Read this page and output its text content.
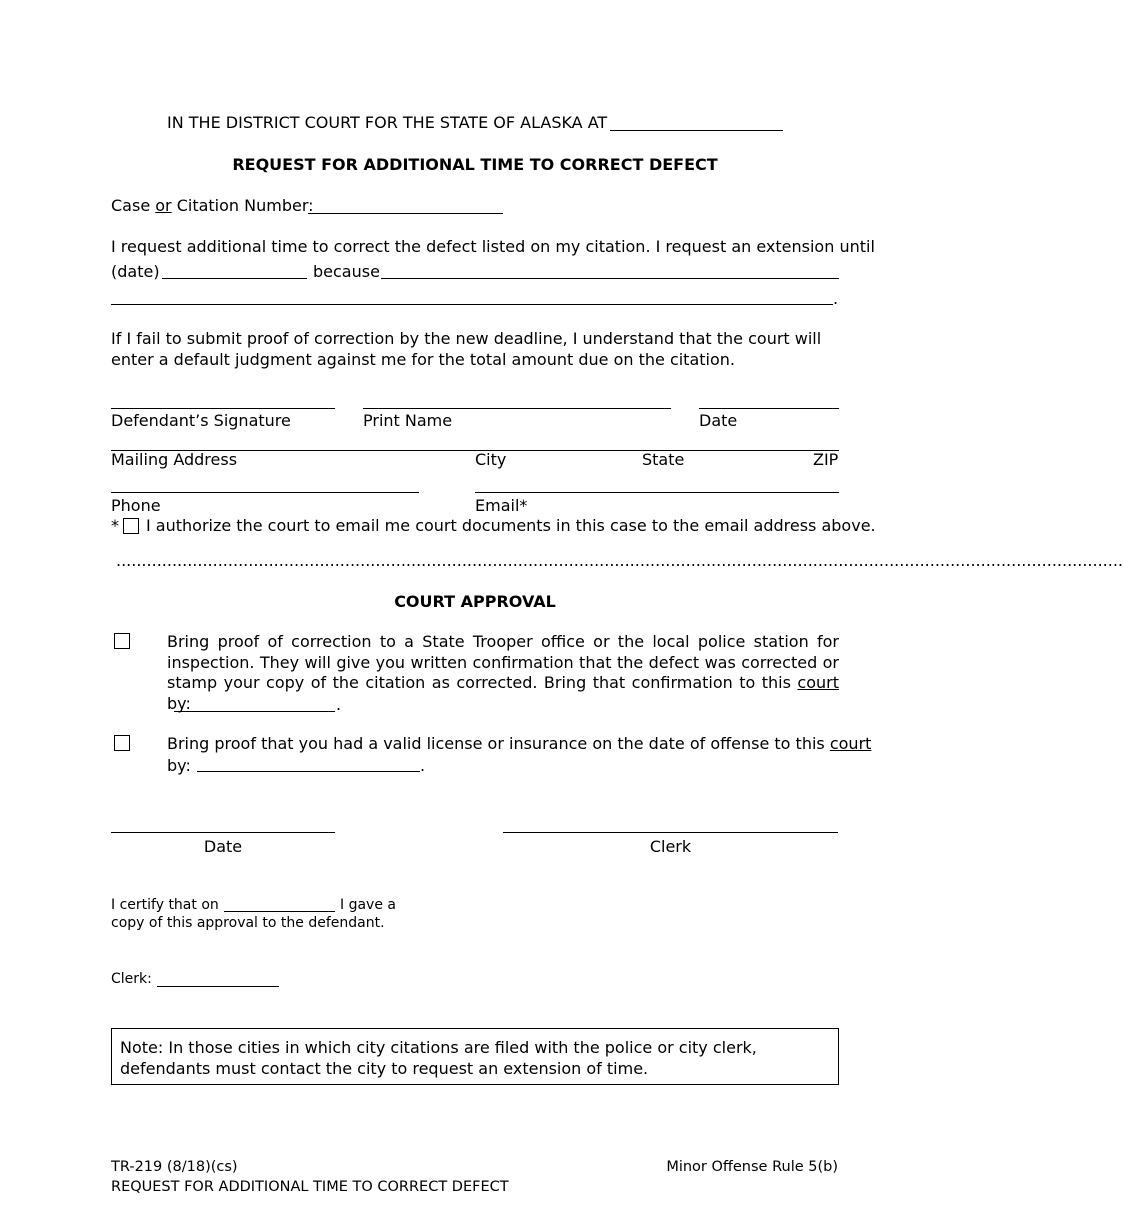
IN THE DISTRICT COURT FOR THE STATE OF ALASKA AT
REQUEST FOR ADDITIONAL TIME TO CORRECT DEFECT
Case or Citation Number:
I request additional time to correct the defect listed on my citation. I request an extension until
(date)	because
.
If I fail to submit proof of correction by the new deadline, I understand that the court will enter a default judgment against me for the total amount due on the citation.
Defendant’s Signature	Print Name	Date
Mailing Address	City	State	ZIP
Phone	Email*
* I authorize the court to email me court documents in this case to the email address above.
......................................................................................................................................................................................................
COURT APPROVAL
Bring proof of correction to a State Trooper office or the local police station for inspection. They will give you written confirmation that the defect was corrected or stamp your copy of the citation as corrected. Bring that confirmation to this court by:	.
Bring proof that you had a valid license or insurance on the date of offense to this court
by:	.
Date	Clerk
I certify that on	I gave a
copy of this approval to the defendant.
Clerk:
Note: In those cities in which city citations are filed with the police or city clerk, defendants must contact the city to request an extension of time.
TR-219 (8/18)(cs)
REQUEST FOR ADDITIONAL TIME TO CORRECT DEFECT
Minor Offense Rule 5(b)
